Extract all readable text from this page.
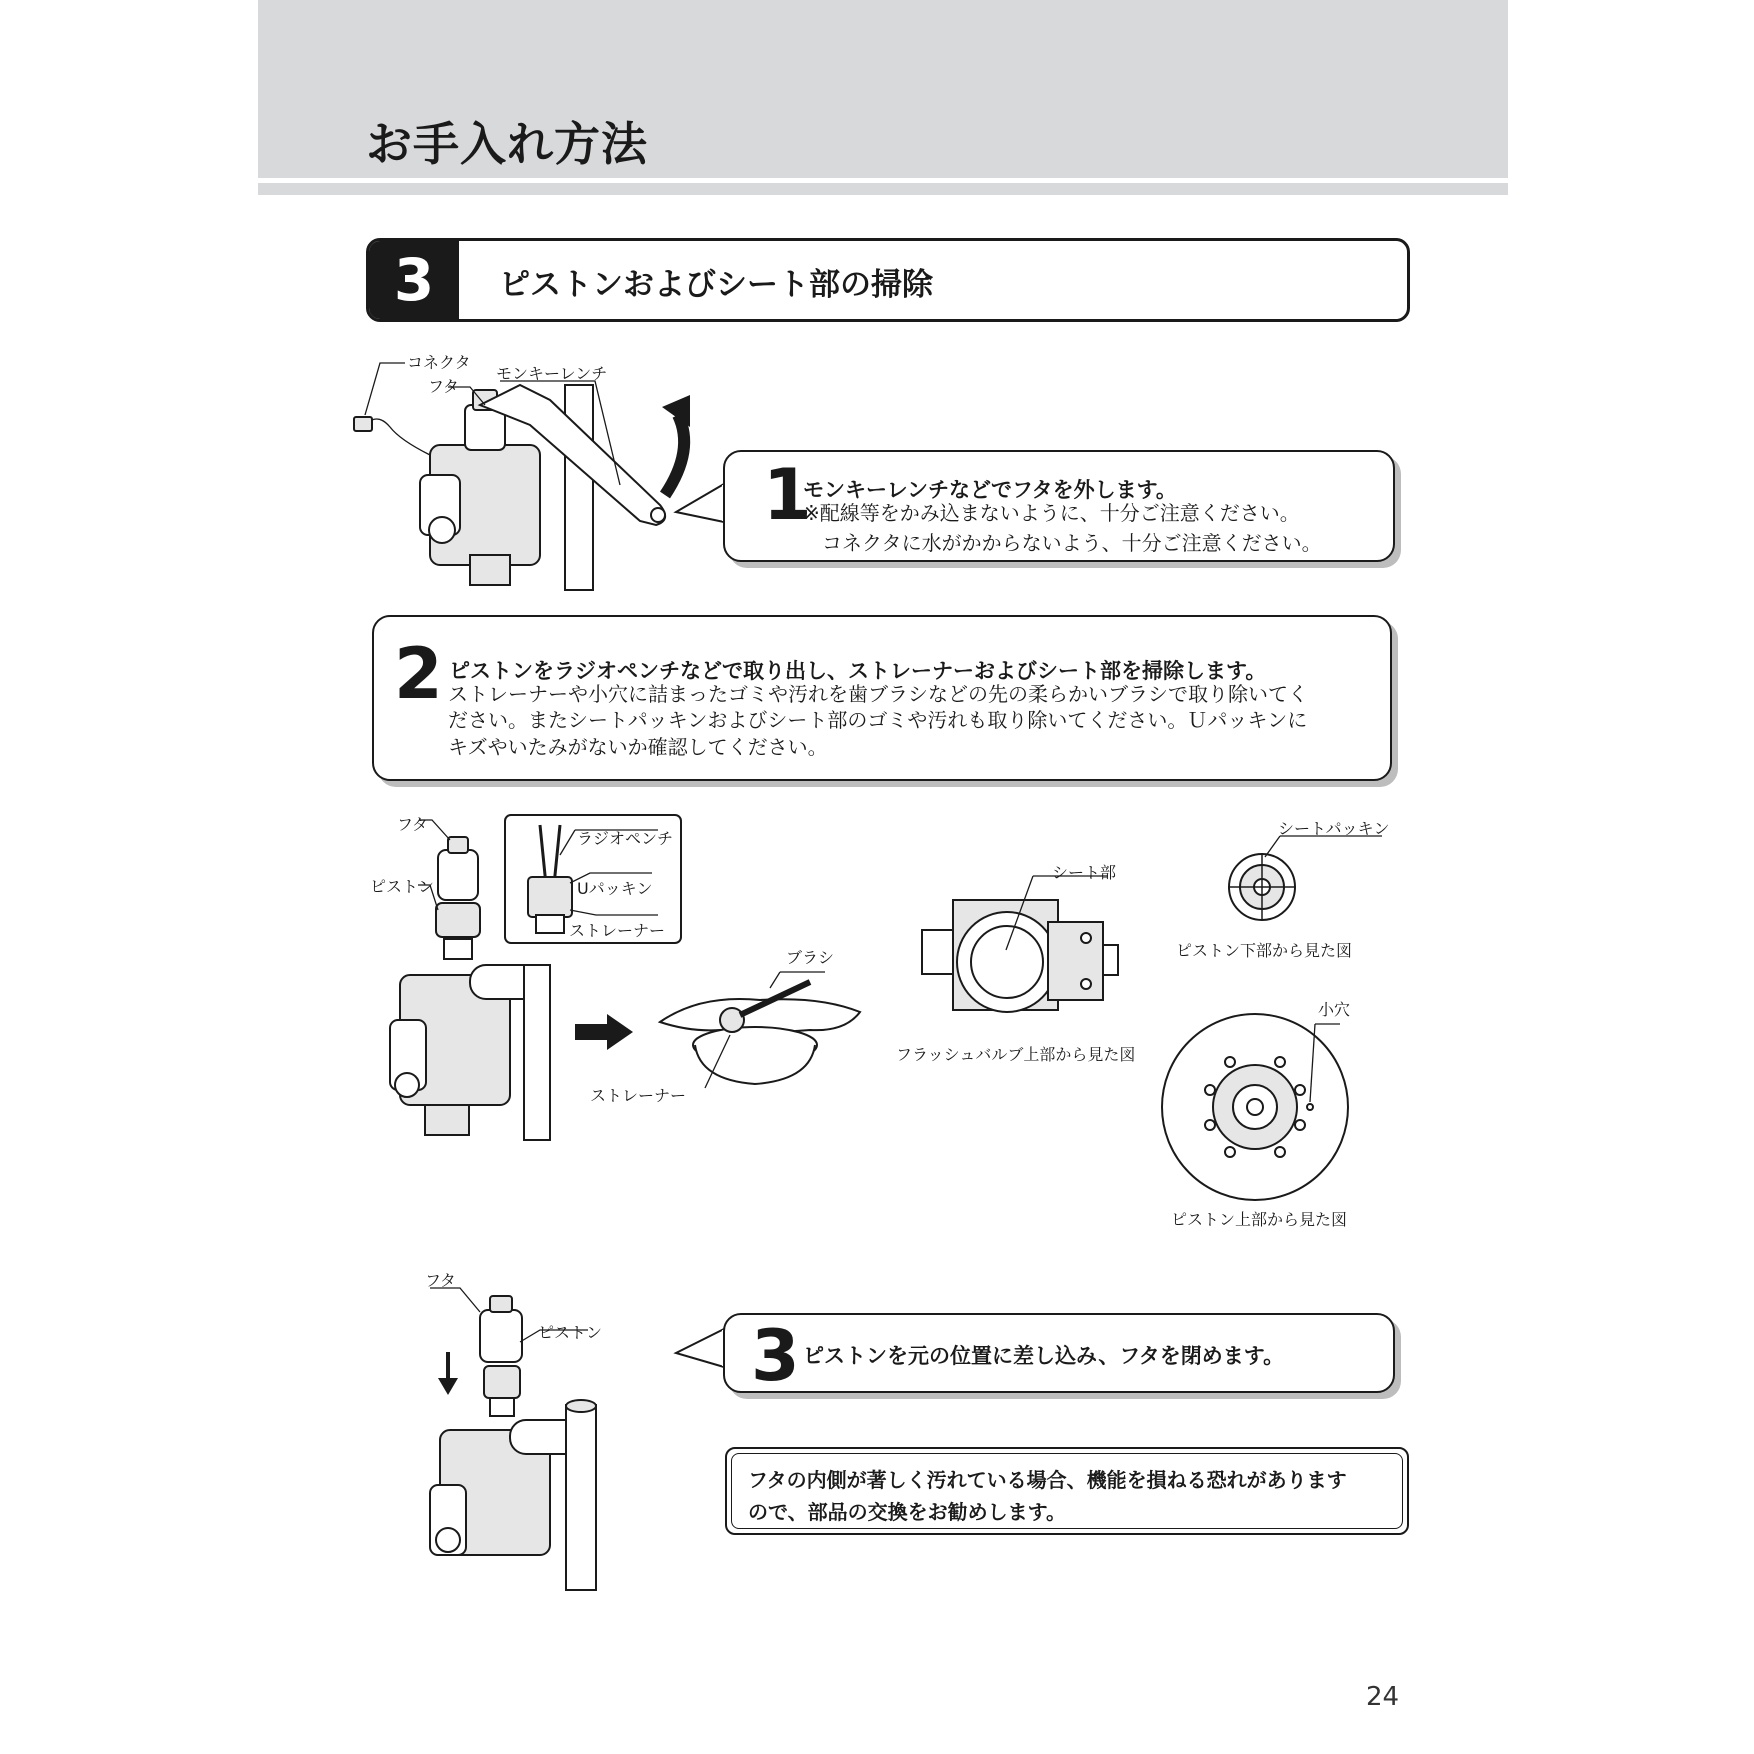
お手入れ方法
3	ピストンおよびシート部の掃除
コネクタ
フタ
モンキーレンチ
1
モンキーレンチなどでフタを外します。
※配線等をかみ込まないように、十分ご注意ください。
コネクタに水がかからないよう、十分ご注意ください。
2 ピストンをラジオペンチなどで取り出し、ストレーナーおよびシート部を掃除します。
ストレーナーや小穴に詰まったゴミや汚れを歯ブラシなどの先の柔らかいブラシで取り除いてく
ださい。またシートパッキンおよびシート部のゴミや汚れも取り除いてください。Ｕパッキンに
キズやいたみがないか確認してください。
フタ
ピストン
ラジオペンチ
Uパッキン
ストレーナー
ブラシ
ストレーナー
シート部
フラッシュバルブ上部から見た図
シートパッキン
ピストン下部から見た図
小穴
ピストン上部から見た図
フタ
ピストン 3 ピストンを元の位置に差し込み、フタを閉めます。
フタの内側が著しく汚れている場合、機能を損ねる恐れがあります
ので、部品の交換をお勧めします。
24
